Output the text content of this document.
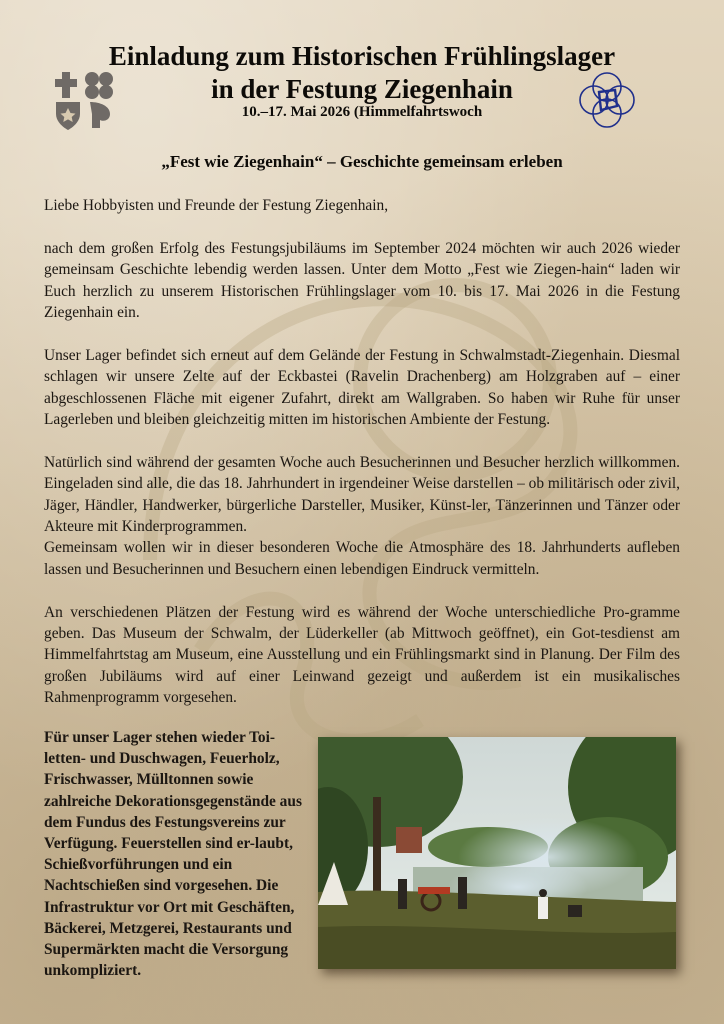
Einladung zum Historischen Frühlingslager
in der Festung Ziegenhain
10.–17. Mai 2026 (Himmelfahrtswoch
„Fest wie Ziegenhain“ – Geschichte gemeinsam erleben

Liebe Hobbyisten und Freunde der Festung Ziegenhain,

nach dem großen Erfolg des Festungsjubiläums im September 2024 möchten wir auch 2026 wieder gemeinsam Geschichte lebendig werden lassen. Unter dem Motto „Fest wie Ziegen-hain“ laden wir Euch herzlich zu unserem Historischen Frühlingslager vom 10. bis 17. Mai 2026 in die Festung Ziegenhain ein.

Unser Lager befindet sich erneut auf dem Gelände der Festung in Schwalmstadt-Ziegenhain. Diesmal schlagen wir unsere Zelte auf der Eckbastei (Ravelin Drachenberg) am Holzgraben auf – einer abgeschlossenen Fläche mit eigener Zufahrt, direkt am Wallgraben. So haben wir Ruhe für unser Lagerleben und bleiben gleichzeitig mitten im historischen Ambiente der Festung.

Natürlich sind während der gesamten Woche auch Besucherinnen und Besucher herzlich willkommen. Eingeladen sind alle, die das 18. Jahrhundert in irgendeiner Weise darstellen – ob militärisch oder zivil, Jäger, Händler, Handwerker, bürgerliche Darsteller, Musiker, Künst-ler, Tänzerinnen und Tänzer oder Akteure mit Kinderprogrammen.

Gemeinsam wollen wir in dieser besonderen Woche die Atmosphäre des 18. Jahrhunderts aufleben lassen und Besucherinnen und Besuchern einen lebendigen Eindruck vermitteln.

An verschiedenen Plätzen der Festung wird es während der Woche unterschiedliche Pro-gramme geben. Das Museum der Schwalm, der Lüderkeller (ab Mittwoch geöffnet), ein Got-tesdienst am Himmelfahrtstag am Museum, eine Ausstellung und ein Frühlingsmarkt sind in Planung. Der Film des großen Jubiläums wird auf einer Leinwand gezeigt und außerdem ist ein musikalisches Rahmenprogramm vorgesehen.

Für unser Lager stehen wieder Toi-letten- und Duschwagen, Feuerholz, Frischwasser, Mülltonnen sowie zahlreiche Dekorationsgegenstände aus dem Fundus des Festungsvereins zur Verfügung. Feuerstellen sind er-laubt, Schießvorführungen und ein Nachtschießen sind vorgesehen. Die Infrastruktur vor Ort mit Geschäften, Bäckerei, Metzgerei, Restaurants und Supermärkten macht die Versorgung unkompliziert.
